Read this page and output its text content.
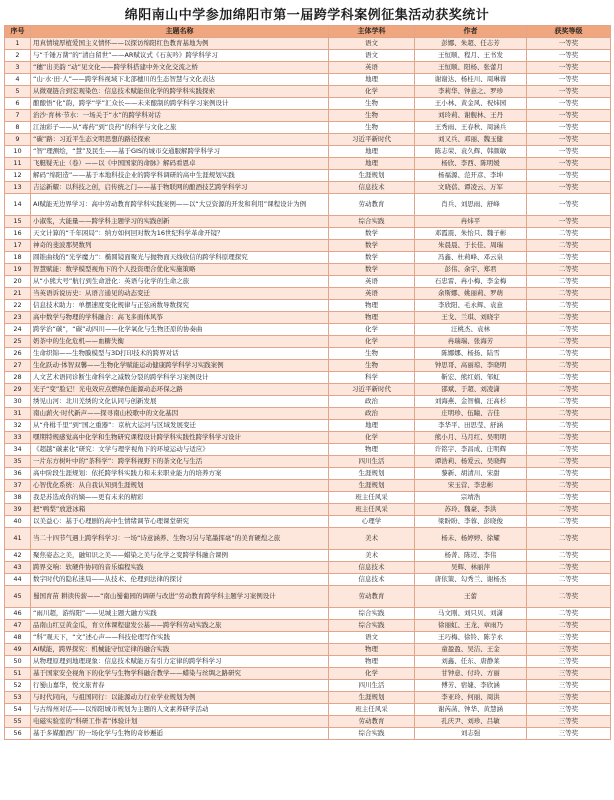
绵阳南山中学参加绵阳市第一届跨学科案例征集活动获奖统计
序号	主题名称	主体学科	作者	获奖等级
1	用真情境厚植爱国主义情怀——以探访绵阳红色教育基地为例	语文	彭娜、朱超、任志芳	一等奖
2	与“千锤万凿”的“清白留世”——AR赋议式《石灰吟》跨学科学习	语文	王恒顺、程月、王书发	一等奖
3	“穗”出美韵 “动”见文化——跨学科搭建中外文化交流之桥	英语	王恒顺、阳杨、张蕾月	一等奖
4	“山·水·田·人”——跨学科视域下北部穗川的生态智慧与文化表达	地理	谢谢达、杨桂川、周琳蓉	一等奖
5	从微观链合到宏观染色：信息技术赋能但化学的跨学科实践探索	化学	李莉华、钟意之、罗珍	一等奖
6	酿酿悟“化”韵，跨学“学”汇众长——未来酿制的跨学科学习案例设计	生物	王小林、黄金风、祝炜园	一等奖
7	治沙·育林·节水：一场关于“水”的跨学科对话	生物	刘玲莉、谢舰林、王丹	一等奖
8	江油彩子——从“毒药”到“良药”的科学与文化之旅	生物	王秀雨、王春秋、周涵兵	一等奖
9	“碳”路：习近平生态文明思想的路径探索	习近平新时代	刘又兵、邓丽、魏玉健	一等奖
10	“智”理测绘，“慧”及民生——基于GIS的城市交通服解跨学科学习	地理	陈志荣、袁久辉、韩颜敏	一等奖
11	飞艇疑无止（卷）——以《中国国家的命脉》解码看恩卓	地理	杨欣、李西、陈明媛	一等奖
12	解码“绵阳造”——基于本地科技企业的跨学科调研的高中生涯规划实践	生涯规划	杨福源、范开彦、李坤	一等奖
13	吉运新耀：以科技之创，启传统之门——基于物联网的酿酒技艺跨学科学习	信息技术	文晓蓓、谭凌云、万军	一等奖
14	AI赋能无边界学习：高中劳动教育跨学科实践案例——以“大豆资源的开发和利用”课程设计为例	劳动教育	肖兵、刘思雨、舒峰	一等奖
15	小淑浆，大能量——跨学科主题学习的实践创新	综合实践	冉炜平	一等奖
16	天文计算的“千年困局”：纳方如何回对数为16世纪科学革命开镜？	数学	邓霞震、朱怡只、魏子彬	二等奖
17	神奇的斐波那契数列	数学	朱晨晨、于长佳、周瑞	二等奖
18	圆锥曲线的“光学魔力”：椭圆镜面聚光与抛物面天线收信的跨学科原理探究	数学	冯鑫、杜莉峰、邓云泉	二等奖
19	智慧赋能：数学模型视角下的个人投资理合优化实施策略	数学	彭伟、余宇、郑君	二等奖
20	从“小熊大号”航行到生命进化：英语与化学的生命之旅	英语	石忠雷、冉小梅、李金梅	二等奖
21	当英语诉说历史：从语言通见的动态变迁	英语	余斯娜、姚丽莉、罗萌	二等奖
22	信息技术助力：单摆速度变化规律与正弦函数导数探究	物理	李欣阳、毛永辉、袁意	二等奖
23	高中数学与物理的学科融合：高飞多面体风筝	物理	王戈、兰琪、刘晓宇	二等奖
24	跨学治“碳”，“碳”动四川——化学氧化与生物还原的协奏曲	化学	汪桃杰、袁林	二等奖
25	奶茶中的生化危机——血糖失衡	化学	冉瑞瑞、张海芳	二等奖
26	生命织锦——生物膜模型与3D打印技术的跨界对话	生物	陈娜娜、杨扬、陆雪	二等奖
27	生化跃动·体智双馨——生物化学赋能运动健康跨学科学习实践案例	生物	钟思哥、高丽琼、李晓明	二等奖
28	人文艺术语同诊断生命科学之减数分裂的跨学科学习案例设计	科学	靳宏、熊红娟、邹虹	二等奖
29	光子“变”脸记！光电效应点燃绿色能源动态环保之路	习近平新时代	邵斌、于超、刘凌潇	二等奖
30	绣见山河：北川羌绣的文化认同与创新发展	政治	刘海燕、金智楠、汪高杉	二等奖
31	南山薪火·时代新声——探寻南山校歌中的文化基因	政治	庄明珍、伍瞳、吉佳	二等奖
32	从“舟楫千里”到“国之重器”：京杭大运河与区域发展变迁	地理	李华平、田思莹、舒涵	二等奖
33	嘿期特规感觉高中化学和生物研究课程设计跨学科实践性跨学科学习设计	化学	熊小月、马月红、吴明明	二等奖
34	《超越“碳素化”研究：文学与理学视角下的环境运动与适应》	物理	许铭宇、李昌成、庄明辉	二等奖
35	一片东方树叶中的“茶科学”：跨学科视野下的茶文化与生活	四川生活	谭浩莉、杨爱云、吴晓辉	二等奖
36	高中阶段生涯规划：依托跨学科实践力和未来职业能力的培养方案	生涯规划	黎新、胡清川、宋甜	二等奖
37	心智优化系统：从自我认知到生涯规划	生涯规划	宋玉营、李忠彬	二等奖
38	我是苏选成你的嫡——更有未来的精彩	班主任风采	宗靖浩	二等奖
39	把“鸭梨”放进冰箱	班主任风采	苏玲、魏豪、李洪	二等奖
40	以美益心：基于心理剧的高中生情绪调节心理课堂研究	心理学	梁盼盼、李蓉、彭晓俊	二等奖
41	当二十四节气遇上跨学科学习：一场“诗意涵养、生物习另与笔墨挥毫”的美育硬煌之旅	美术	杨未、杨婷婷、徐耀	二等奖
42	聚焦姿态之美，融知识之美——蜡染之美与化学之变跨学科融合课例	美术	杨菁、陈迈、李伟	二等奖
43	跨界交响：软硬件协同的音乐编程实践	信息技术	吴辉、林丽萍	二等奖
44	数字时代的隐私迷局——从技术、伦理到法律的探讨	信息技术	唐依策、勾秀兰、谢杨杰	二等奖
45	蜀国育苗 耕读传薪——“南山蜀葡园的调研与改进”劳动教育跨学科主题学习案例设计	劳动教育	王蕾	二等奖
46	“雨川超，游绵阳”——见城主题大融方实践	综合实践	马文刚、刘只贝、刘潇	二等奖
47	品南山红豆黄金瓜，育立体课程建发公基——跨学科劳动实践之旅	综合实践	徐丽虹、王龙、章雨乃	二等奖
48	“科”观天下，“文”述心声——科技伦理写作实践	语文	王巧梅、徐铃、陈芋永	三等奖
49	AI赋能，跨界探究：机械能守恒定律的融合实践	物理	童盈盈、吴洁、王金	三等奖
50	从物理原理到地理现象：信息技术赋能万有引力定律的跨学科学习	物理	刘鑫、任东、唐静莱	三等奖
51	基于国家安全视角下的化学与生物学科融合教学——蜡染与丝绸之路研究	化学	甘钟意、付玲、方丽	三等奖
52	行蜀山嘉华，悦文旅青春	四川生活	傅芳、宿婕、李欣涵	三等奖
53	与时代同向，与祖国同行：以能源动力行业学业规划为例	生涯规划	李亚玲、何丽、周洪	三等奖
54	与古绵州对话——以绵阳城市规划为主题的人文素养研学活动	班主任风采	谢芮菡、钟华、黄慧涵	三等奖
55	电磁实验室的“科研工作者”体验计划	劳动教育	孔庆尹、刘珍、吕敏	三等奖
56	基于多媒酿酒厂的一场化学与生物的奇妙邂逅	综合实践	刘志强	三等奖
